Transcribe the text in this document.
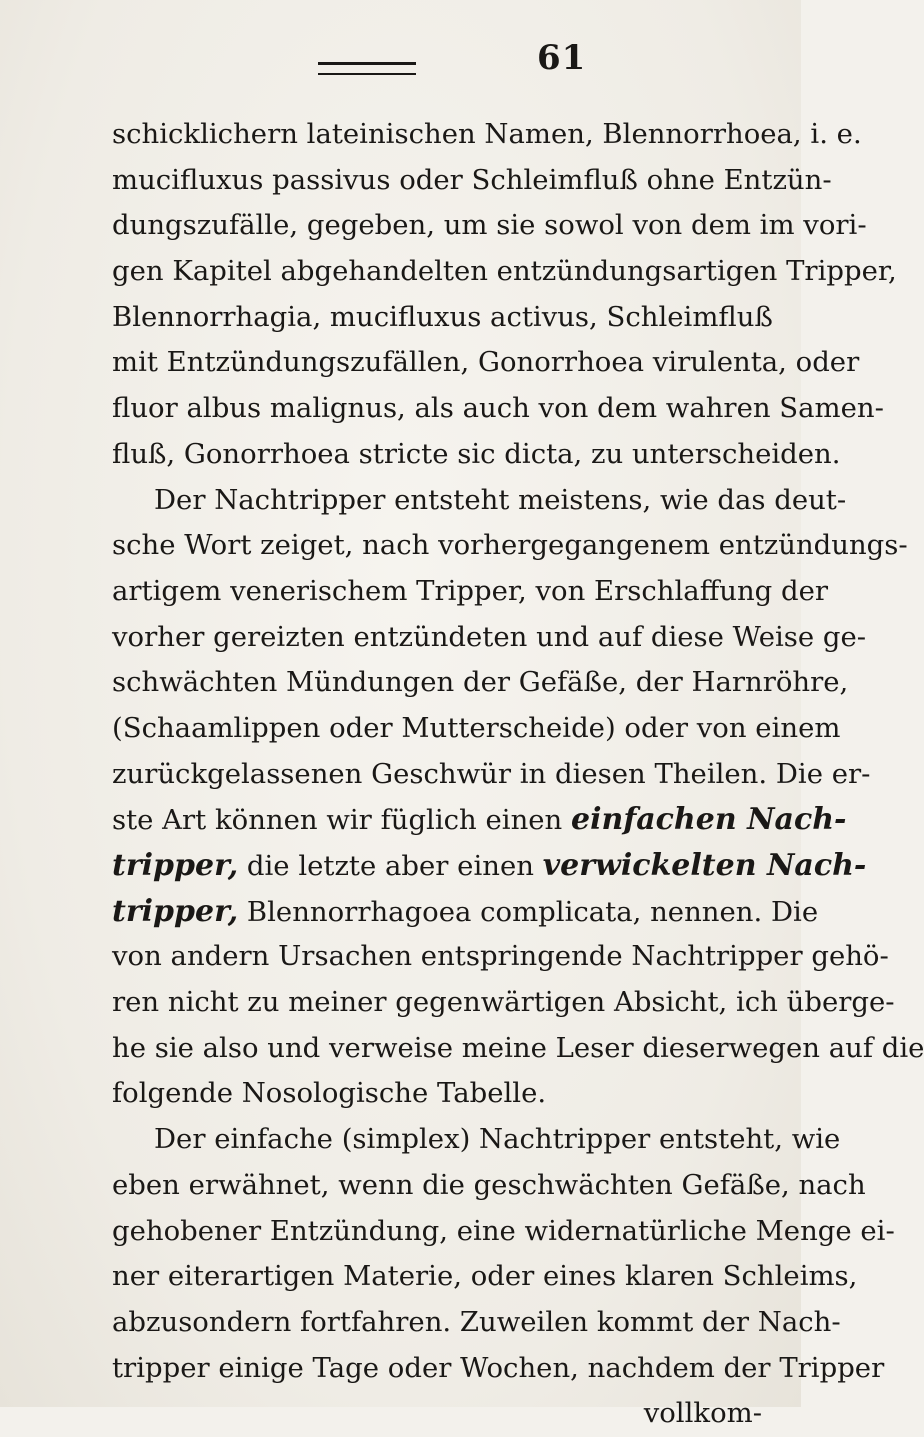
61
schicklichern lateinischen Namen, Blennorrhoea, i. e.
mucifluxus passivus oder Schleimfluß ohne Entzün-
dungszufälle, gegeben, um sie sowol von dem im vori-
gen Kapitel abgehandelten entzündungsartigen Tripper,
Blennorrhagia, mucifluxus activus, Schleimfluß
mit Entzündungszufällen, Gonorrhoea virulenta, oder
fluor albus malignus, als auch von dem wahren Samen-
fluß, Gonorrhoea stricte sic dicta, zu unterscheiden.
Der Nachtripper entsteht meistens, wie das deut-
sche Wort zeiget, nach vorhergegangenem entzündungs-
artigem venerischem Tripper, von Erschlaffung der
vorher gereizten entzündeten und auf diese Weise ge-
schwächten Mündungen der Gefäße, der Harnröhre,
(Schaamlippen oder Mutterscheide) oder von einem
zurückgelassenen Geschwür in diesen Theilen. Die er-
ste Art können wir füglich einen einfachen Nach-
tripper, die letzte aber einen verwickelten Nach-
tripper, Blennorrhagoea complicata, nennen. Die
von andern Ursachen entspringende Nachtripper gehö-
ren nicht zu meiner gegenwärtigen Absicht, ich überge-
he sie also und verweise meine Leser dieserwegen auf die
folgende Nosologische Tabelle.
Der einfache (simplex) Nachtripper entsteht, wie
eben erwähnet, wenn die geschwächten Gefäße, nach
gehobener Entzündung, eine widernatürliche Menge ei-
ner eiterartigen Materie, oder eines klaren Schleims,
abzusondern fortfahren. Zuweilen kommt der Nach-
tripper einige Tage oder Wochen, nachdem der Tripper
vollkom-
